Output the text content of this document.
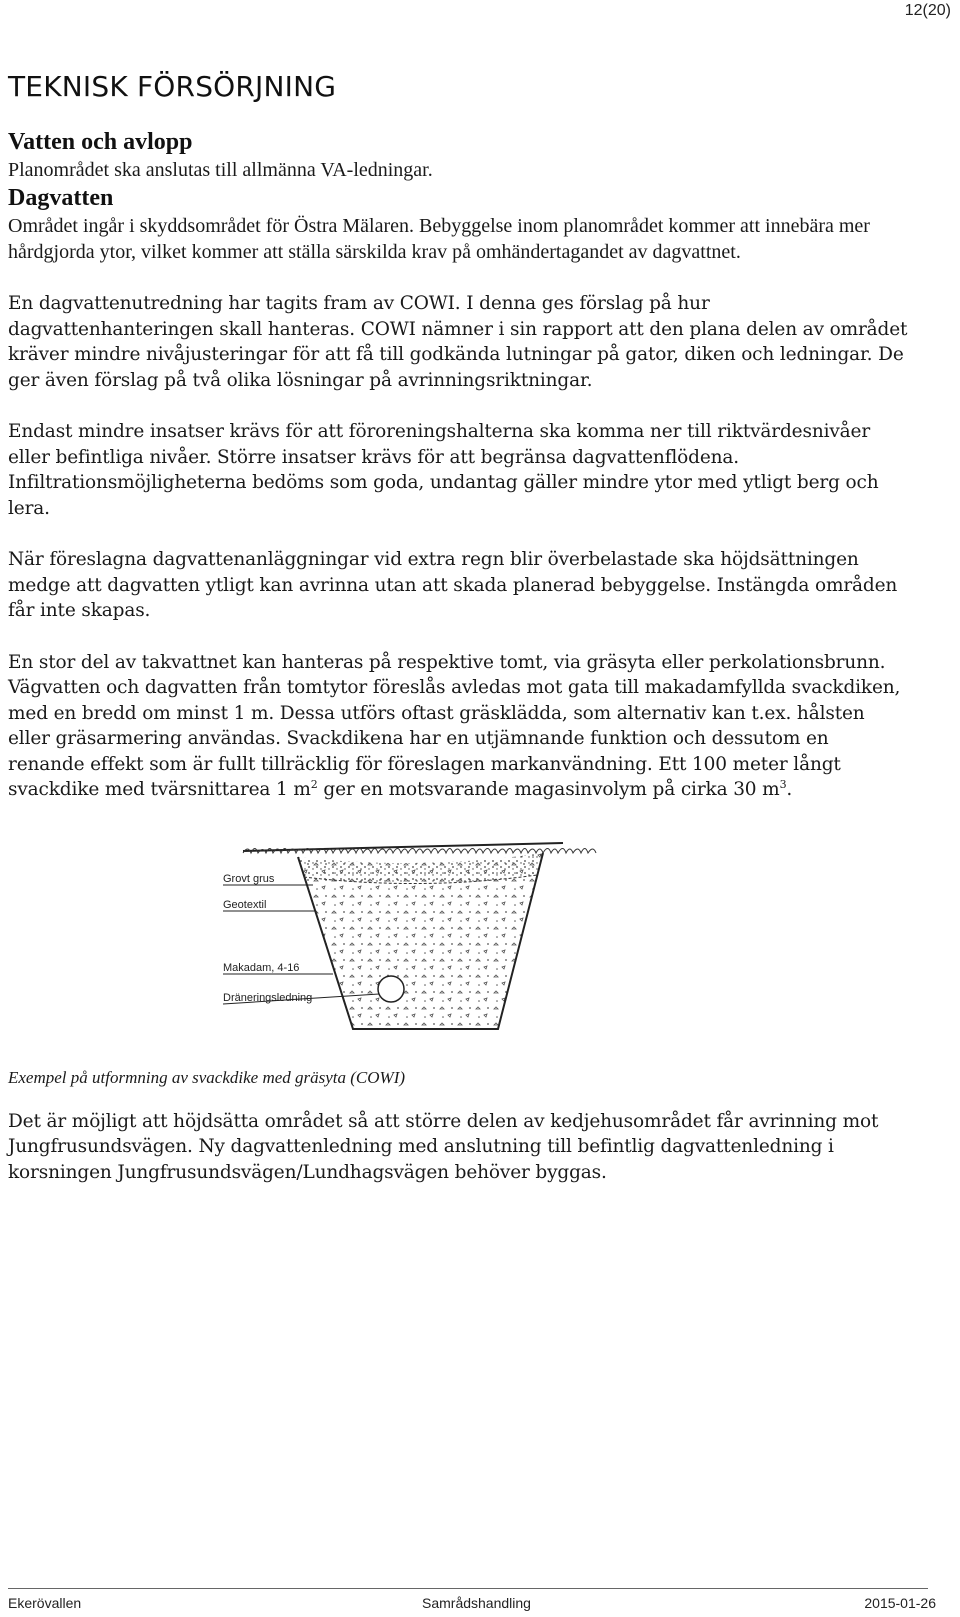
12(20)
TEKNISK FÖRSÖRJNING
Vatten och avlopp

Planområdet ska anslutas till allmänna VA-ledningar.

Dagvatten

Området ingår i skyddsområdet för Östra Mälaren. Bebyggelse inom planområdet kommer att innebära mer hårdgjorda ytor, vilket kommer att ställa särskilda krav på omhändertagandet av dagvattnet.

En dagvattenutredning har tagits fram av COWI. I denna ges förslag på hur dagvattenhanteringen skall hanteras. COWI nämner i sin rapport att den plana delen av området kräver mindre nivåjusteringar för att få till godkända lutningar på gator, diken och ledningar. De ger även förslag på två olika lösningar på avrinningsriktningar.

Endast mindre insatser krävs för att föroreningshalterna ska komma ner till riktvärdesnivåer eller befintliga nivåer. Större insatser krävs för att begränsa dagvattenflödena. Infiltrationsmöjligheterna bedöms som goda, undantag gäller mindre ytor med ytligt berg och lera.

När föreslagna dagvattenanläggningar vid extra regn blir överbelastade ska höjdsättningen medge att dagvatten ytligt kan avrinna utan att skada planerad bebyggelse. Instängda områden får inte skapas.

En stor del av takvattnet kan hanteras på respektive tomt, via gräsyta eller perkolationsbrunn. Vägvatten och dagvatten från tomtytor föreslås avledas mot gata till makadamfyllda svackdiken, med en bredd om minst 1 m. Dessa utförs oftast gräsklädda, som alternativ kan t.ex. hålsten eller gräsarmering användas. Svackdikena har en utjämnande funktion och dessutom en renande effekt som är fullt tillräcklig för föreslagen markanvändning. Ett 100 meter långt svackdike med tvärsnittarea 1 $m^2$ ger en motsvarande magasinvolym på cirka 30 $m^3$.

Grovt grus
Geotextil
Makadam, 4-16
Dräneringsledning

Exempel på utformning av svackdike med gräsyta (COWI)

Det är möjligt att höjdsätta området så att större delen av kedjehusområdet får avrinning mot Jungfrusundsvägen. Ny dagvattenledning med anslutning till befintlig dagvattenledning i korsningen Jungfrusundsvägen/Lundhagsvägen behöver byggas.

Ekerövallen	Samrådshandling	2015-01-26
